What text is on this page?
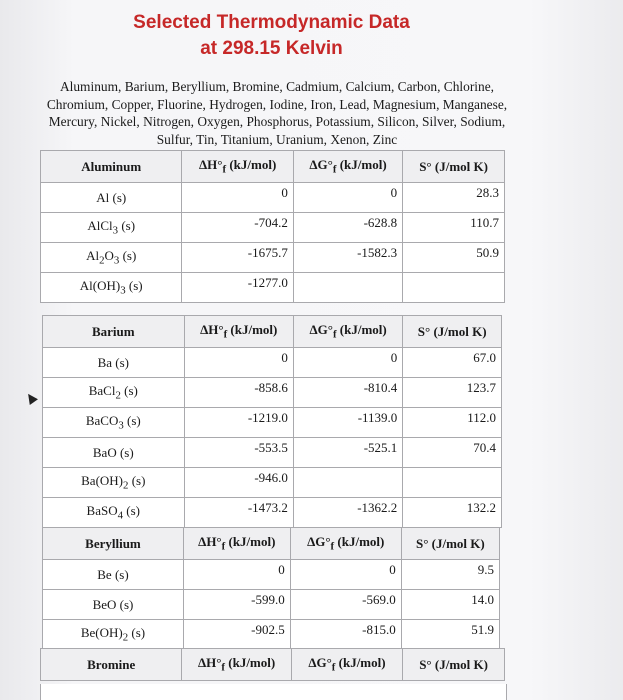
Selected Thermodynamic Data
at 298.15 Kelvin
Aluminum, Barium, Beryllium, Bromine, Cadmium, Calcium, Carbon, Chlorine, Chromium, Copper, Fluorine, Hydrogen, Iodine, Iron, Lead, Magnesium, Manganese, Mercury, Nickel, Nitrogen, Oxygen, Phosphorus, Potassium, Silicon, Silver, Sodium, Sulfur, Tin, Titanium, Uranium, Xenon, Zinc
Aluminum	$\Delta H^\circ_f$ (kJ/mol)	$\Delta G^\circ_f$ (kJ/mol)	S° (J/mol K)
Al (s)	0	0	28.3
AlCl$_3$ (s)	-704.2	-628.8	110.7
$Al_2O_3$ (s)	-1675.7	-1582.3	50.9
$Al(OH)_3$ (s)	-1277.0		
Barium	$\Delta H^\circ_f$ (kJ/mol)	$\Delta G^\circ_f$ (kJ/mol)	S° (J/mol K)
Ba (s)	0	0	67.0
BaCl$_2$ (s)	-858.6	-810.4	123.7
BaCO$_3$ (s)	-1219.0	-1139.0	112.0
BaO (s)	-553.5	-525.1	70.4
$Ba(OH)_2$ (s)	-946.0		
BaSO$_4$ (s)	-1473.2	-1362.2	132.2
Beryllium	$\Delta H^\circ_f$ (kJ/mol)	$\Delta G^\circ_f$ (kJ/mol)	S° (J/mol K)
Be (s)	0	0	9.5
BeO (s)	-599.0	-569.0	14.0
$Be(OH)_2$ (s)	-902.5	-815.0	51.9
Bromine	$\Delta H^\circ_f$ (kJ/mol)	$\Delta G^\circ_f$ (kJ/mol)	S° (J/mol K)
